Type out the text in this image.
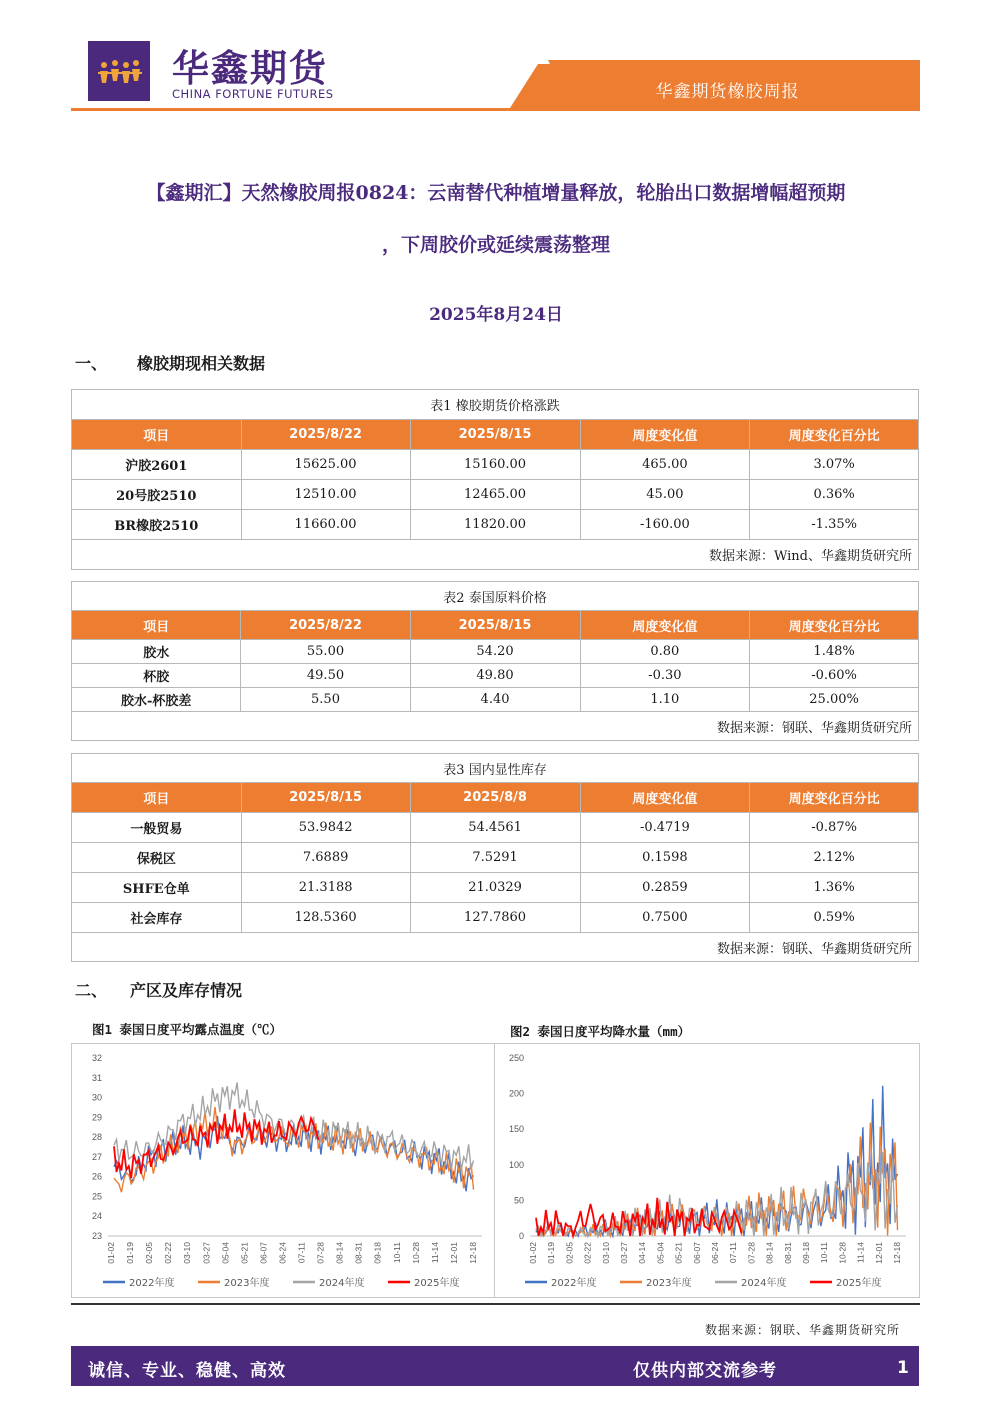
华鑫期货
CHINA FORTUNE FUTURES	华鑫期货橡胶周报
【鑫期汇】天然橡胶周报0824：云南替代种植增量释放，轮胎出口数据增幅超预期
，下周胶价或延续震荡整理
2025年8月24日
一、 橡胶期现相关数据
表1 橡胶期货价格涨跌				
项目	2025/8/22	2025/8/15	周度变化值	周度变化百分比
沪胶2601	15625.00	15160.00	465.00	3.07%
20号胶2510	12510.00	12465.00	45.00	0.36%
BR橡胶2510	11660.00	11820.00	-160.00	-1.35%
数据来源：Wind、华鑫期货研究所				
表2 泰国原料价格				
项目	2025/8/22	2025/8/15	周度变化值	周度变化百分比
胶水	55.00	54.20	0.80	1.48%
杯胶	49.50	49.80	-0.30	-0.60%
胶水-杯胶差	5.50	4.40	1.10	25.00%
数据来源：钢联、华鑫期货研究所				
表3 国内显性库存				
项目	2025/8/15	2025/8/8	周度变化值	周度变化百分比
一般贸易	53.9842	54.4561	-0.4719	-0.87%
保税区	7.6889	7.5291	0.1598	2.12%
SHFE仓单	21.3188	21.0329	0.2859	1.36%
社会库存	128.5360	127.7860	0.7500	0.59%
数据来源：钢联、华鑫期货研究所				
二、 产区及库存情况
图1 泰国日度平均露点温度（℃）	图2 泰国日度平均降水量（mm）
32
31
30
29
28
27
26
25
24
23
01-02 01-19 02-05 02-22 03-10 03-27 05-04 05-21 06-07 06-24 07-11 07-28 08-14 08-31 09-18 10-11 10-28 11-14 12-01 12-18
2022年度	2023年度	2024年度	2025年度
250
200
150
100
50
0
01-02 01-19 02-05 02-22 03-10 03-27 04-14 05-04 05-21 06-07 06-24 07-11 07-28 08-14 08-31 09-18 10-11 10-28 11-14 12-01 12-18
2022年度	2023年度	2024年度	2025年度
数据来源：钢联、华鑫期货研究所
诚信、专业、稳健、高效	仅供内部交流参考	1
